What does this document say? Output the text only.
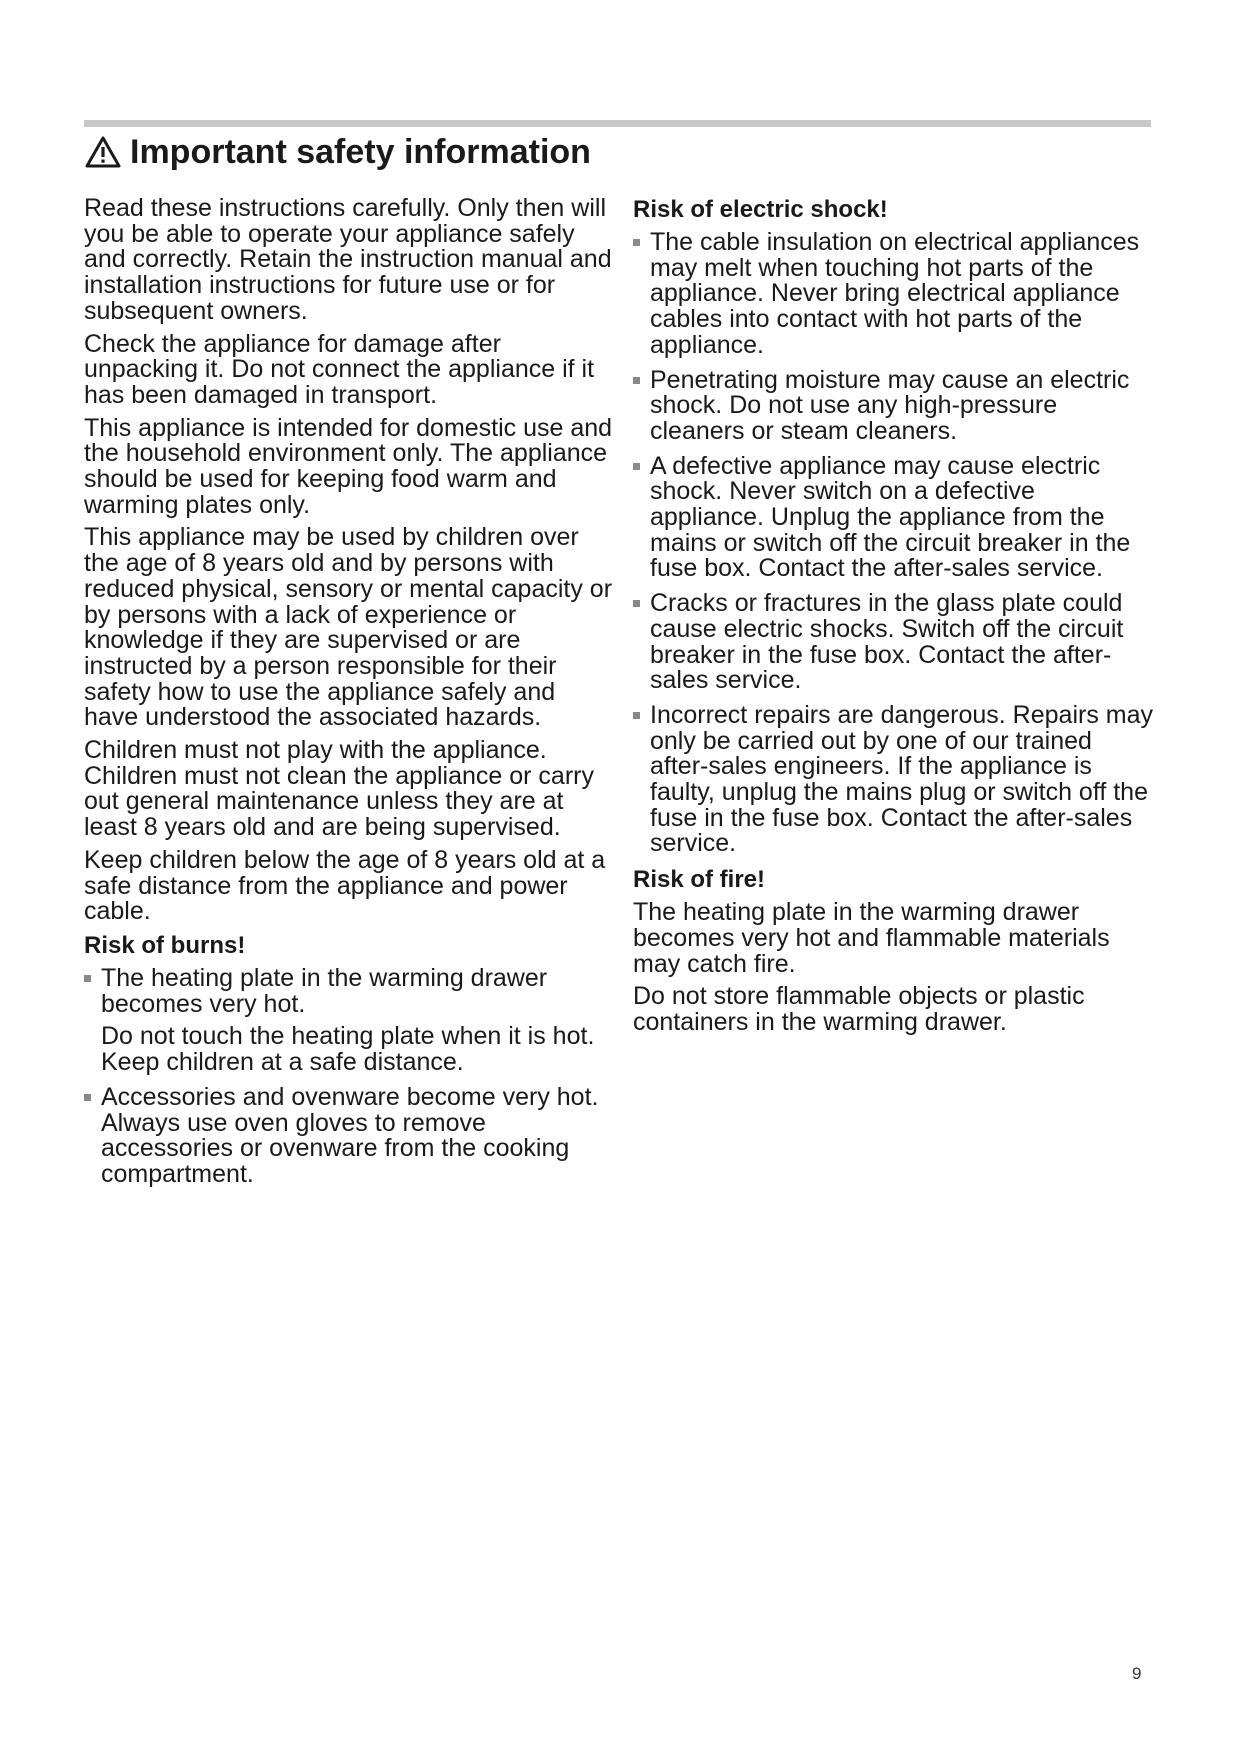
Important safety information

Read these instructions carefully. Only then will you be able to operate your appliance safely and correctly. Retain the instruction manual and installation instructions for future use or for subsequent owners.

Check the appliance for damage after unpacking it. Do not connect the appliance if it has been damaged in transport.

This appliance is intended for domestic use and the household environment only. The appliance should be used for keeping food warm and warming plates only.

This appliance may be used by children over the age of 8 years old and by persons with reduced physical, sensory or mental capacity or by persons with a lack of experience or knowledge if they are supervised or are instructed by a person responsible for their safety how to use the appliance safely and have understood the associated hazards.

Children must not play with the appliance. Children must not clean the appliance or carry out general maintenance unless they are at least 8 years old and are being supervised.

Keep children below the age of 8 years old at a safe distance from the appliance and power cable.

Risk of burns!
The heating plate in the warming drawer becomes very hot.

Do not touch the heating plate when it is hot. Keep children at a safe distance.

Accessories and ovenware become very hot. Always use oven gloves to remove accessories or ovenware from the cooking compartment.
Risk of electric shock!
The cable insulation on electrical appliances may melt when touching hot parts of the appliance. Never bring electrical appliance cables into contact with hot parts of the appliance.
Penetrating moisture may cause an electric shock. Do not use any high-pressure cleaners or steam cleaners.
A defective appliance may cause electric shock. Never switch on a defective appliance. Unplug the appliance from the mains or switch off the circuit breaker in the fuse box. Contact the after-sales service.
Cracks or fractures in the glass plate could cause electric shocks. Switch off the circuit breaker in the fuse box. Contact the after-sales service.
Incorrect repairs are dangerous. Repairs may only be carried out by one of our trained after-sales engineers. If the appliance is faulty, unplug the mains plug or switch off the fuse in the fuse box. Contact the after-sales service.
Risk of fire!

The heating plate in the warming drawer becomes very hot and flammable materials may catch fire.

Do not store flammable objects or plastic containers in the warming drawer.

9
